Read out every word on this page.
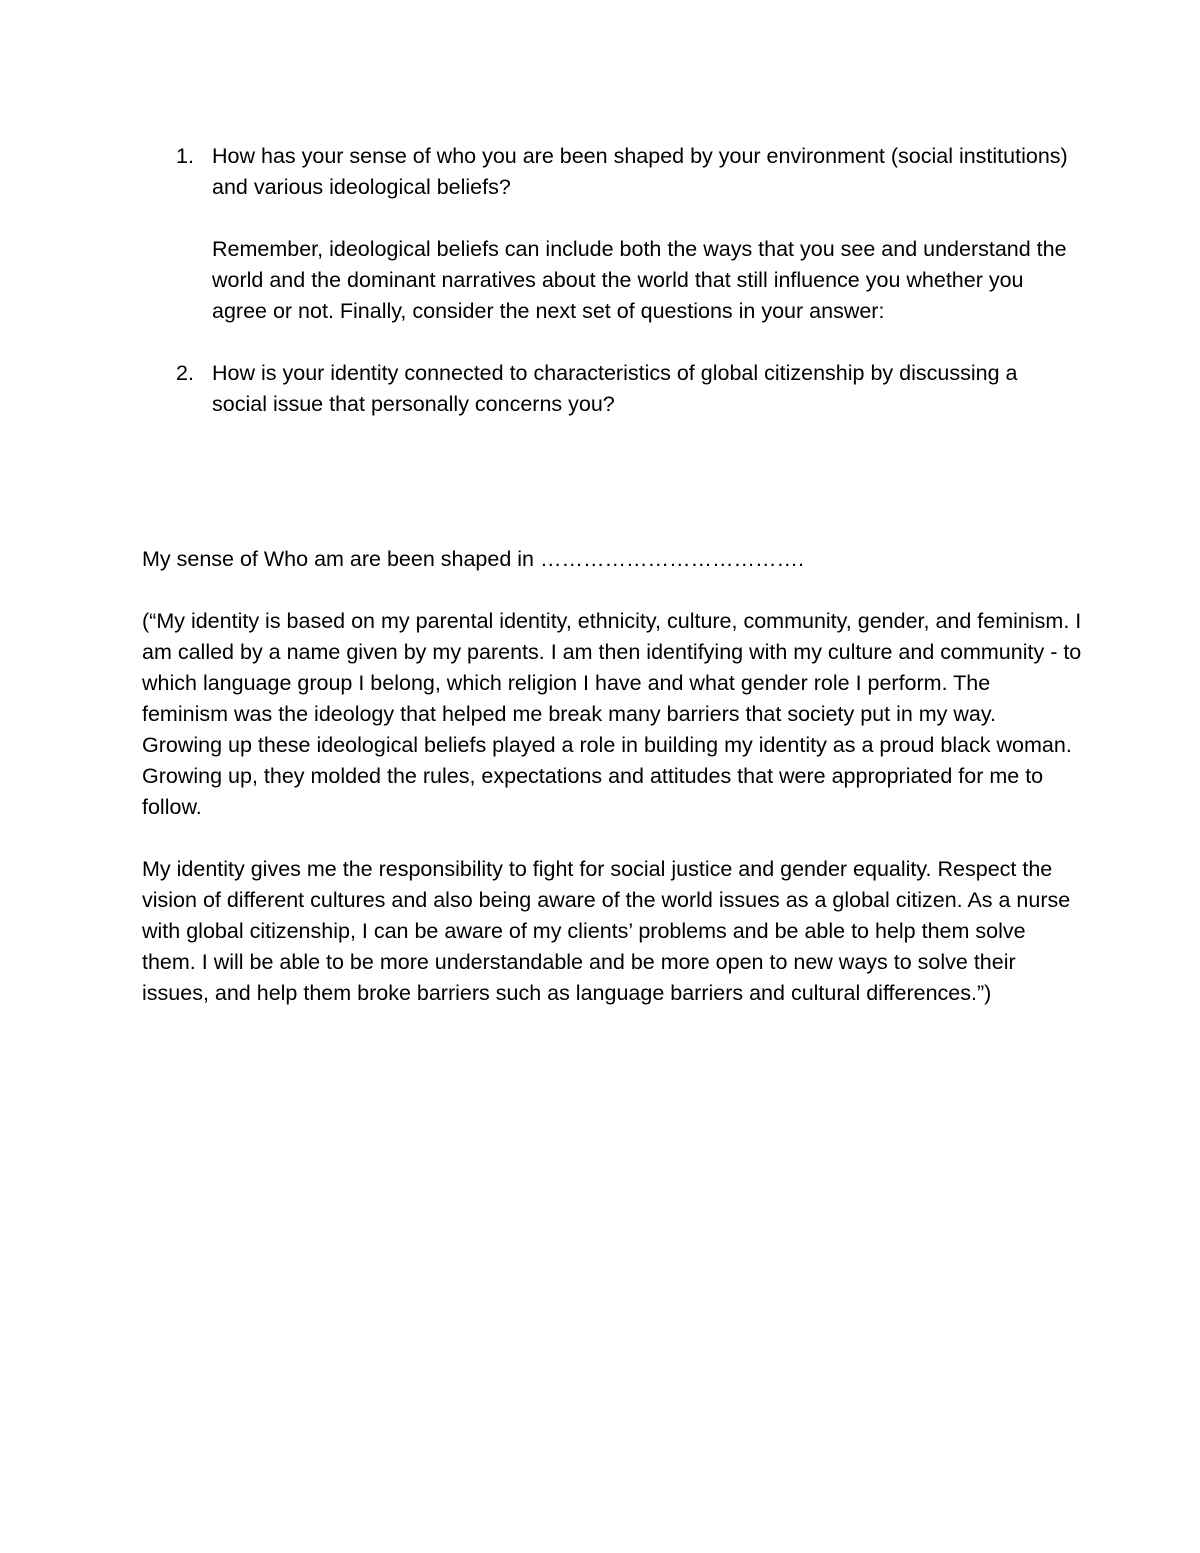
1. How has your sense of who you are been shaped by your environment (social institutions) and various ideological beliefs?

Remember, ideological beliefs can include both the ways that you see and understand the world and the dominant narratives about the world that still influence you whether you agree or not. Finally, consider the next set of questions in your answer:

2. How is your identity connected to characteristics of global citizenship by discussing a social issue that personally concerns you?

My sense of Who am are been shaped in ……………………………….

(“My identity is based on my parental identity, ethnicity, culture, community, gender, and feminism. I am called by a name given by my parents. I am then identifying with my culture and community - to which language group I belong, which religion I have and what gender role I perform. The feminism was the ideology that helped me break many barriers that society put in my way. Growing up these ideological beliefs played a role in building my identity as a proud black woman. Growing up, they molded the rules, expectations and attitudes that were appropriated for me to follow.

My identity gives me the responsibility to fight for social justice and gender equality. Respect the vision of different cultures and also being aware of the world issues as a global citizen. As a nurse with global citizenship, I can be aware of my clients’ problems and be able to help them solve them. I will be able to be more understandable and be more open to new ways to solve their issues, and help them broke barriers such as language barriers and cultural differences.”)
